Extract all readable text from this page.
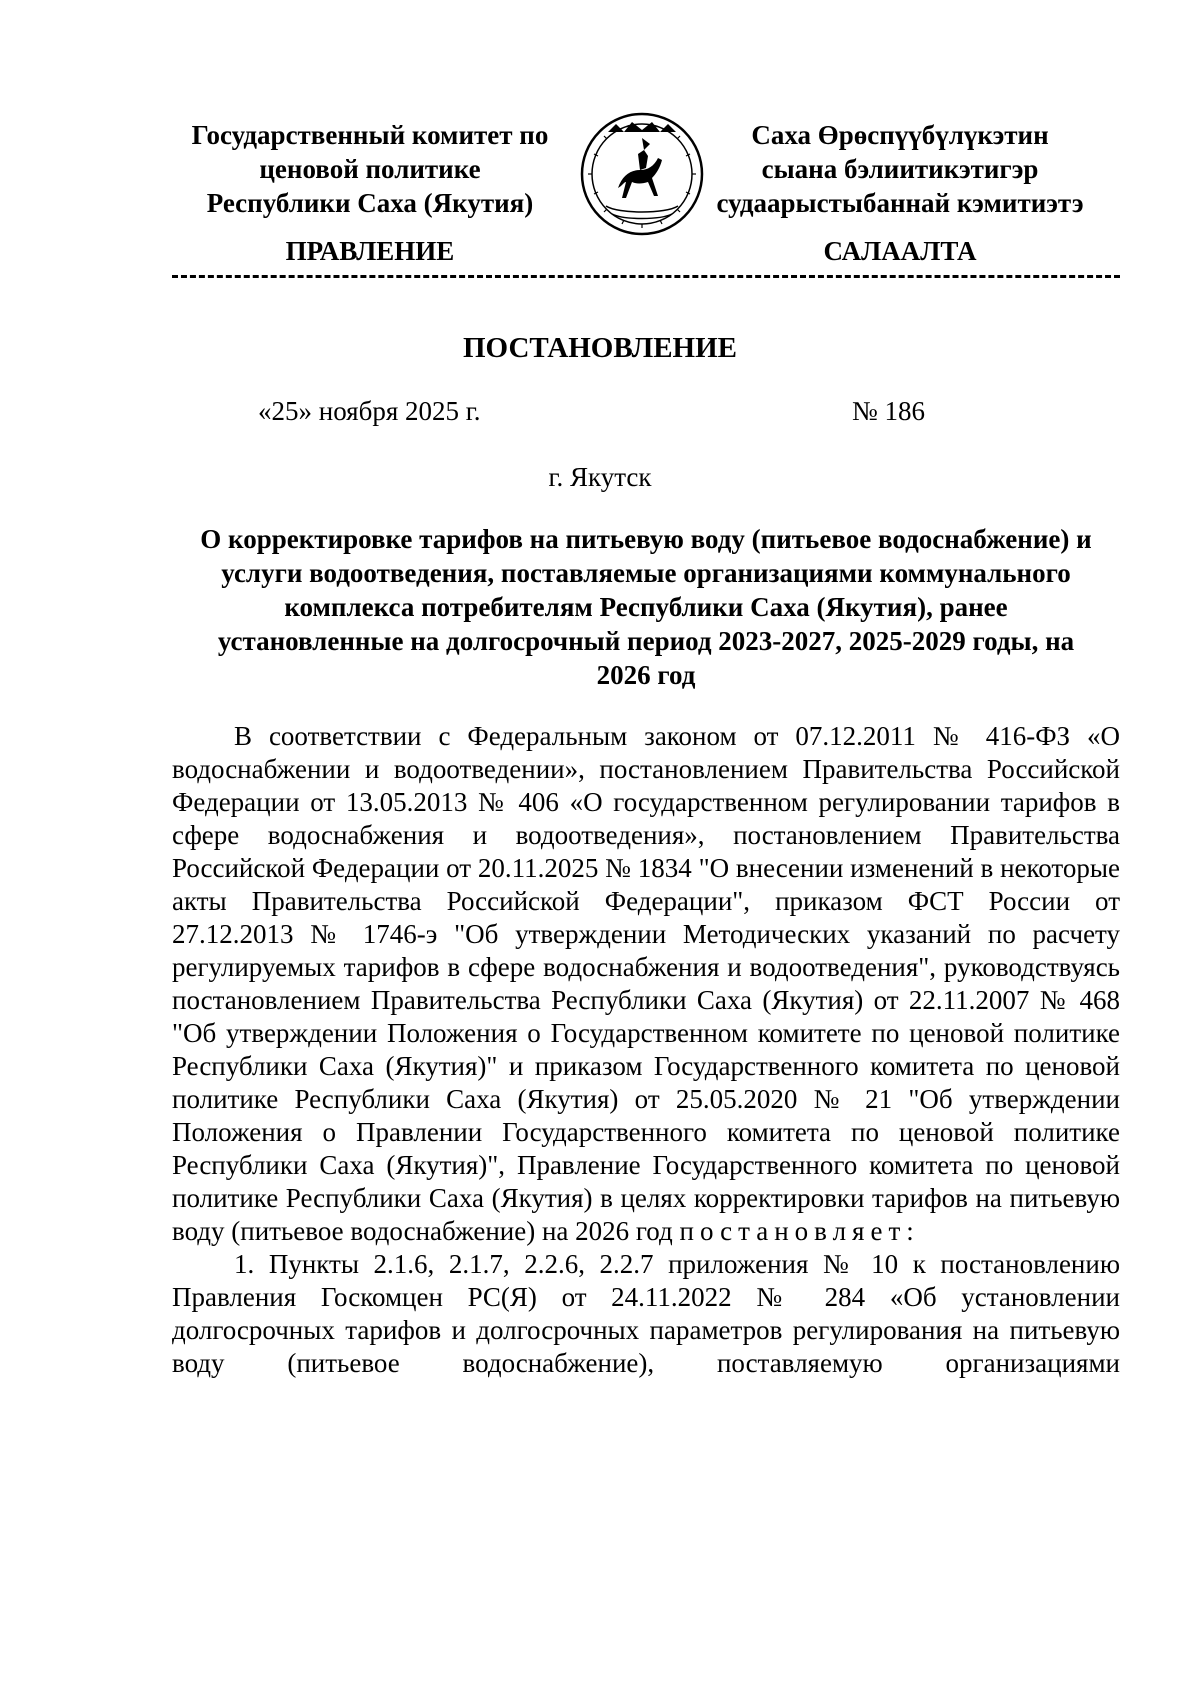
Государственный комитет по
ценовой политике
Республики Саха (Якутия)
Саха Өрөспүүбүлүкэтин
сыана бэлиитикэтигэр
судаарыстыбаннай кэмитиэтэ
ПРАВЛЕНИЕ	САЛААЛТА
ПОСТАНОВЛЕНИЕ
«25» ноября 2025 г.	№ 186
г. Якутск
О корректировке тарифов на питьевую воду (питьевое водоснабжение) и
услуги водоотведения, поставляемые организациями коммунального
комплекса потребителям Республики Саха (Якутия), ранее
установленные на долгосрочный период 2023-2027, 2025-2029 годы, на
2026 год

В соответствии с Федеральным законом от 07.12.2011 № 416-ФЗ «О водоснабжении и водоотведении», постановлением Правительства Российской Федерации от 13.05.2013 № 406 «О государственном регулировании тарифов в сфере водоснабжения и водоотведения», постановлением Правительства Российской Федерации от 20.11.2025 № 1834 "О внесении изменений в некоторые акты Правительства Российской Федерации", приказом ФСТ России от 27.12.2013 № 1746-э "Об утверждении Методических указаний по расчету регулируемых тарифов в сфере водоснабжения и водоотведения", руководствуясь постановлением Правительства Республики Саха (Якутия) от 22.11.2007 № 468 "Об утверждении Положения о Государственном комитете по ценовой политике Республики Саха (Якутия)" и приказом Государственного комитета по ценовой политике Республики Саха (Якутия) от 25.05.2020 № 21 "Об утверждении Положения о Правлении Государственного комитета по ценовой политике Республики Саха (Якутия)", Правление Государственного комитета по ценовой политике Республики Саха (Якутия) в целях корректировки тарифов на питьевую воду (питьевое водоснабжение) на 2026 год постановляет:

1. Пункты 2.1.6, 2.1.7, 2.2.6, 2.2.7 приложения № 10 к постановлению Правления Госкомцен РС(Я) от 24.11.2022 № 284 «Об установлении долгосрочных тарифов и долгосрочных параметров регулирования на питьевую воду (питьевое водоснабжение), поставляемую организациями
